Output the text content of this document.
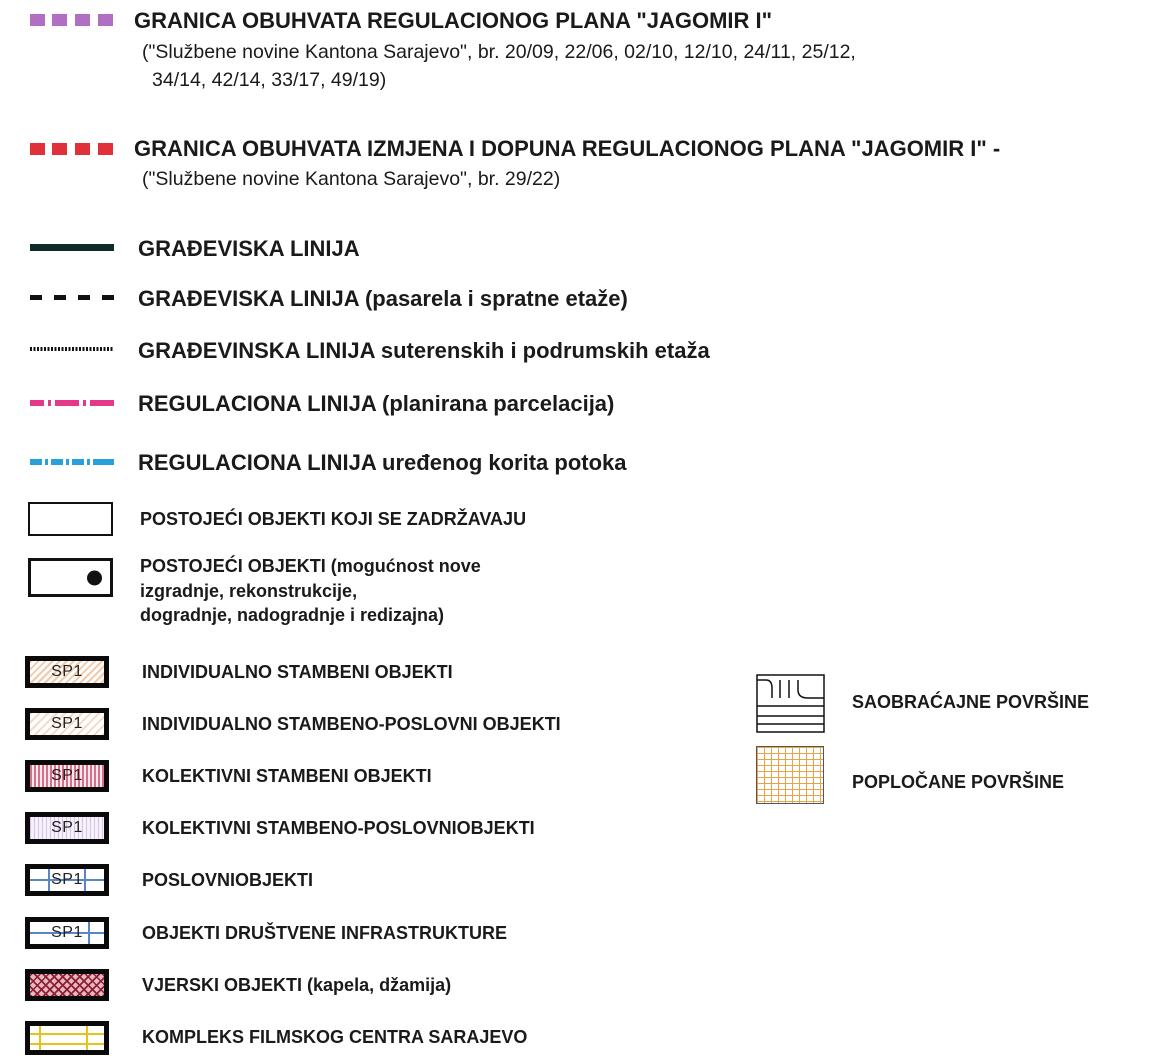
GRANICA OBUHVATA REGULACIONOG PLANA "JAGOMIR I"
("Službene novine Kantona Sarajevo", br. 20/09, 22/06, 02/10, 12/10, 24/11, 25/12,
34/14, 42/14, 33/17, 49/19)
GRANICA OBUHVATA IZMJENA I DOPUNA REGULACIONOG PLANA "JAGOMIR I" -
("Službene novine Kantona Sarajevo", br. 29/22)
GRAĐEVISKA LINIJA
GRAĐEVISKA LINIJA (pasarela i spratne etaže)
GRAĐEVINSKA LINIJA suterenskih i podrumskih etaža
REGULACIONA LINIJA (planirana parcelacija)
REGULACIONA LINIJA uređenog korita potoka
POSTOJEĆI OBJEKTI KOJI SE ZADRŽAVAJU
POSTOJEĆI OBJEKTI (mogućnost nove
izgradnje, rekonstrukcije,
dogradnje, nadogradnje i redizajna)
SP1	INDIVIDUALNO STAMBENI OBJEKTI
SP1	INDIVIDUALNO STAMBENO-POSLOVNI OBJEKTI
SP1	KOLEKTIVNI STAMBENI OBJEKTI
SP1	KOLEKTIVNI STAMBENO-POSLOVNIOBJEKTI
SP1	POSLOVNIOBJEKTI
SP1	OBJEKTI DRUŠTVENE INFRASTRUKTURE
VJERSKI OBJEKTI (kapela, džamija)
KOMPLEKS FILMSKOG CENTRA SARAJEVO
SAOBRAĆAJNE POVRŠINE
POPLOČANE POVRŠINE
